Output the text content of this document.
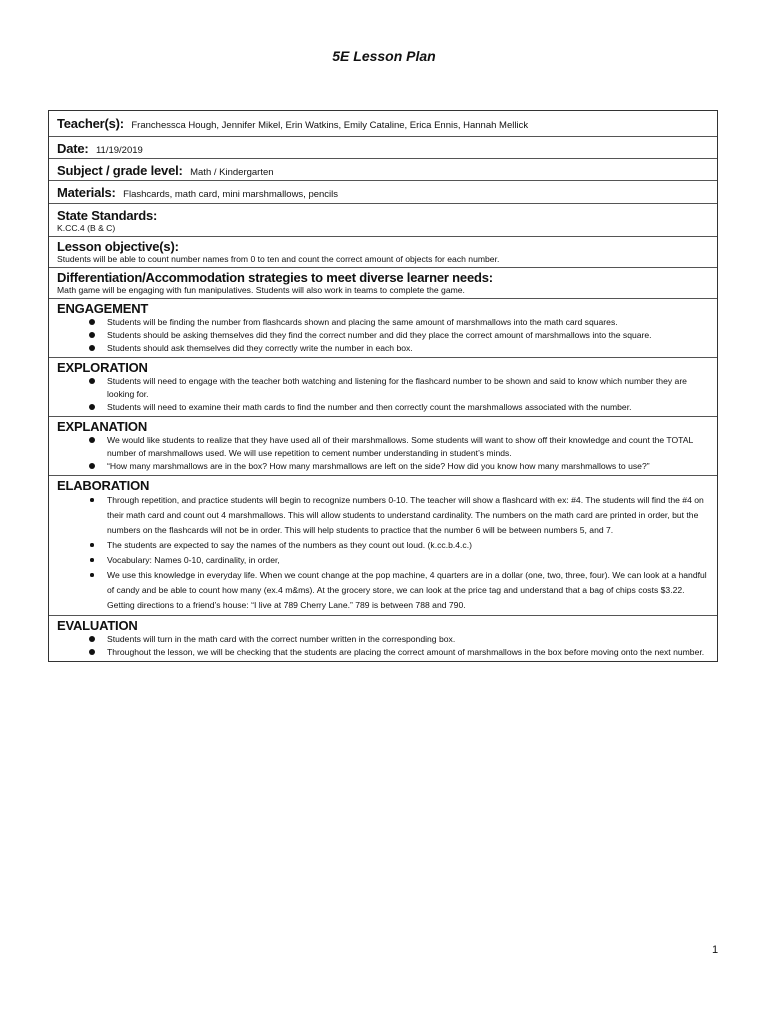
5E Lesson Plan
Teacher(s): Franchessca Hough, Jennifer Mikel, Erin Watkins, Emily Cataline, Erica Ennis, Hannah Mellick
Date: 11/19/2019
Subject / grade level: Math / Kindergarten
Materials: Flashcards, math card, mini marshmallows, pencils
State Standards:
K.CC.4 (B & C)
Lesson objective(s):
Students will be able to count number names from 0 to ten and count the correct amount of objects for each number.
Differentiation/Accommodation strategies to meet diverse learner needs:
Math game will be engaging with fun manipulatives. Students will also work in teams to complete the game.
ENGAGEMENT
Students will be finding the number from flashcards shown and placing the same amount of marshmallows into the math card squares.
Students should be asking themselves did they find the correct number and did they place the correct amount of marshmallows into the square.
Students should ask themselves did they correctly write the number in each box.
EXPLORATION
Students will need to engage with the teacher both watching and listening for the flashcard number to be shown and said to know which number they are looking for.
Students will need to examine their math cards to find the number and then correctly count the marshmallows associated with the number.
EXPLANATION
We would like students to realize that they have used all of their marshmallows. Some students will want to show off their knowledge and count the TOTAL number of marshmallows used. We will use repetition to cement number understanding in student’s minds.
“How many marshmallows are in the box? How many marshmallows are left on the side? How did you know how many marshmallows to use?”
ELABORATION
Through repetition, and practice students will begin to recognize numbers 0-10. The teacher will show a flashcard with ex: #4. The students will find the #4 on their math card and count out 4 marshmallows. This will allow students to understand cardinality. The numbers on the math card are printed in order, but the numbers on the flashcards will not be in order. This will help students to practice that the number 6 will be between numbers 5, and 7.
The students are expected to say the names of the numbers as they count out loud. (k.cc.b.4.c.)
Vocabulary: Names 0-10, cardinality, in order,
We use this knowledge in everyday life. When we count change at the pop machine, 4 quarters are in a dollar (one, two, three, four). We can look at a handful of candy and be able to count how many (ex.4 m&ms). At the grocery store, we can look at the price tag and understand that a bag of chips costs $3.22. Getting directions to a friend’s house: “I live at 789 Cherry Lane.” 789 is between 788 and 790.
EVALUATION
Students will turn in the math card with the correct number written in the corresponding box.
Throughout the lesson, we will be checking that the students are placing the correct amount of marshmallows in the box before moving onto the next number.
1
